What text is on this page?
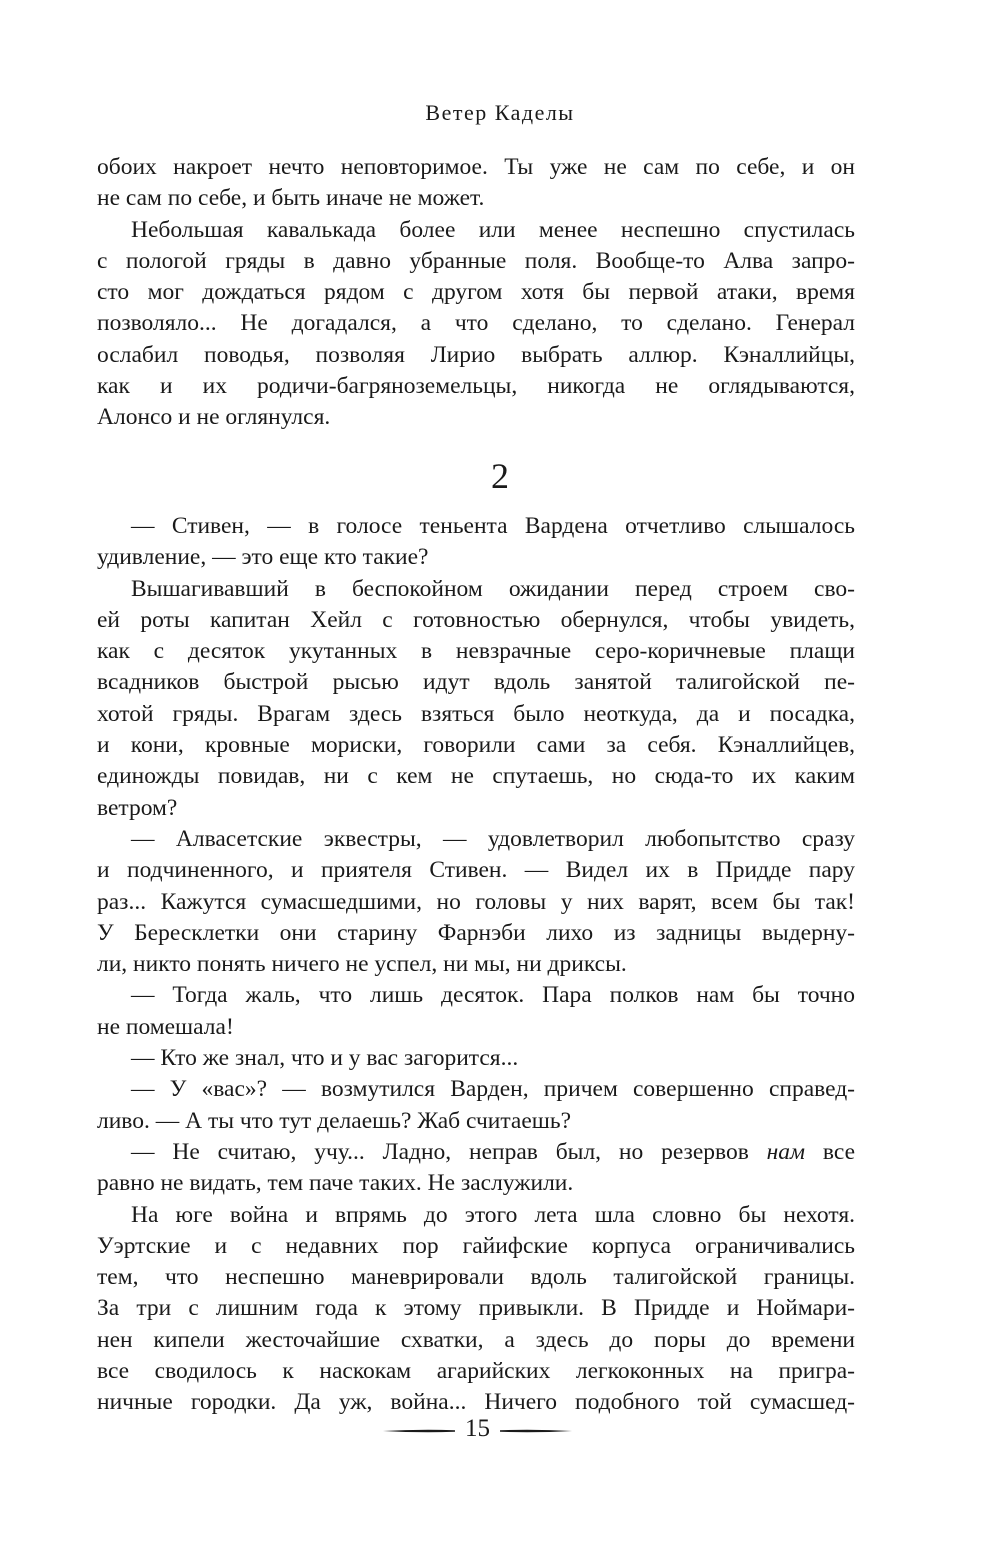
Ветер Каделы
обоих накроет нечто неповторимое. Ты уже не сам по себе, и он
не сам по себе, и быть иначе не может.
Небольшая кавалькада более или менее неспешно спустилась
с пологой гряды в давно убранные поля. Вообще-то Алва запро-
сто мог дождаться рядом с другом хотя бы первой атаки, время
позволяло... Не догадался, а что сделано, то сделано. Генерал
ослабил поводья, позволяя Лирио выбрать аллюр. Кэналлийцы,
как и их родичи-багряноземельцы, никогда не оглядываются,
Алонсо и не оглянулся.
2
— Стивен, — в голосе теньента Вардена отчетливо слышалось
удивление, — это еще кто такие?
Вышагивавший в беспокойном ожидании перед строем сво-
ей роты капитан Хейл с готовностью обернулся, чтобы увидеть,
как с десяток укутанных в невзрачные серо-коричневые плащи
всадников быстрой рысью идут вдоль занятой талигойской пе-
хотой гряды. Врагам здесь взяться было неоткуда, да и посадка,
и кони, кровные мориски, говорили сами за себя. Кэналлийцев,
единожды повидав, ни с кем не спутаешь, но сюда-то их каким
ветром?
— Алвасетские эквестры, — удовлетворил любопытство сразу
и подчиненного, и приятеля Стивен. — Видел их в Придде пару
раз... Кажутся сумасшедшими, но головы у них варят, всем бы так!
У Бересклетки они старину Фарнэби лихо из задницы выдерну-
ли, никто понять ничего не успел, ни мы, ни дриксы.
— Тогда жаль, что лишь десяток. Пара полков нам бы точно
не помешала!
— Кто же знал, что и у вас загорится...
— У «вас»? — возмутился Варден, причем совершенно справед-
ливо. — А ты что тут делаешь? Жаб считаешь?
— Не считаю, учу... Ладно, неправ был, но резервов нам все
равно не видать, тем паче таких. Не заслужили.
На юге война и впрямь до этого лета шла словно бы нехотя.
Уэртские и с недавних пор гайифские корпуса ограничивались
тем, что неспешно маневрировали вдоль талигойской границы.
За три с лишним года к этому привыкли. В Придде и Ноймари-
нен кипели жесточайшие схватки, а здесь до поры до времени
все сводилось к наскокам агарийских легкоконных на пригра-
ничные городки. Да уж, война... Ничего подобного той сумасшед-
15
